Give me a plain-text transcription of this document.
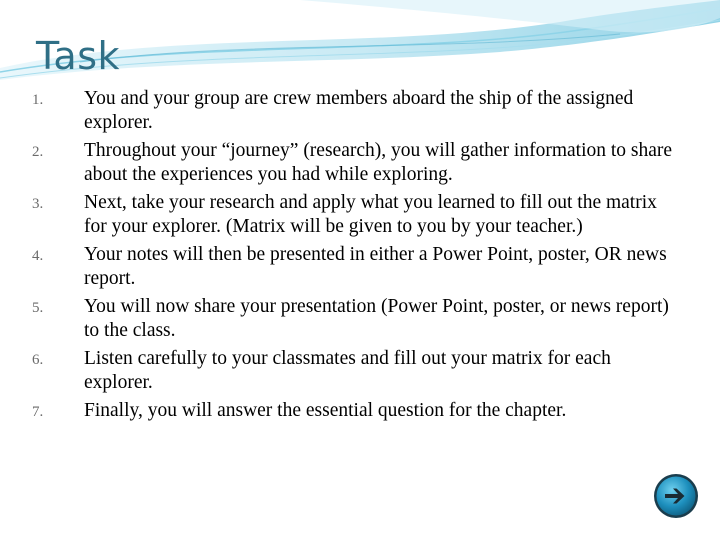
Task
1.	You and your group are crew members aboard the ship of the assigned explorer.
2.	Throughout your “journey” (research), you will gather information to share about the experiences you had while exploring.
3.	Next, take your research and apply what you learned to fill out the matrix for your explorer. (Matrix will be given to you by your teacher.)
4.	Your notes will then be presented in either a Power Point, poster, OR news report.
5.	You will now share your presentation (Power Point, poster, or news report) to the class.
6.	Listen carefully to your classmates and fill out your matrix for each explorer.
7.	Finally, you will answer the essential question for the chapter.
